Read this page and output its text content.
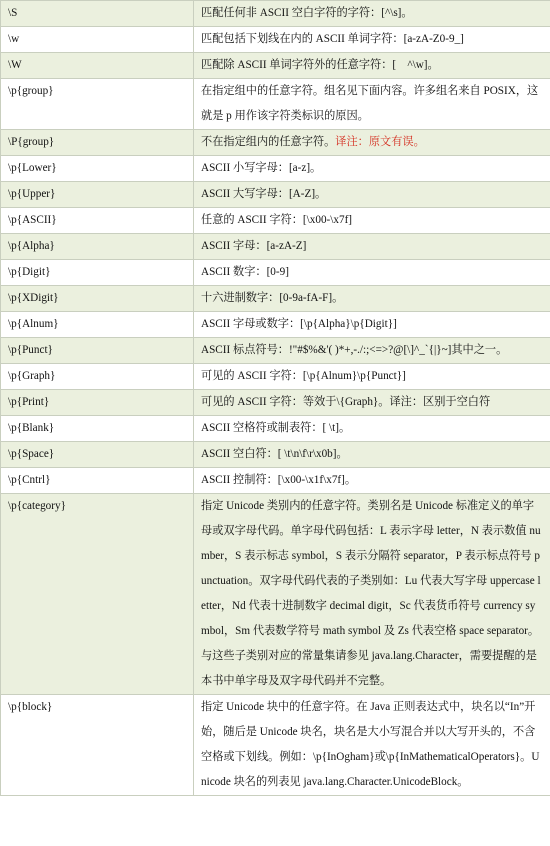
\S	匹配任何非 ASCII 空白字符的字符：[^\s]。
\w	匹配包括下划线在内的 ASCII 单词字符：[a-zA-Z0-9_]
\W	匹配除 ASCII 单词字符外的任意字符：[　^\w]。
\p{group}	在指定组中的任意字符。组名见下面内容。许多组名来自 POSIX，这就是 p 用作该字符类标识的原因。
\P{group}	不在指定组内的任意字符。译注：原文有误。
\p{Lower}	ASCII 小写字母：[a-z]。
\p{Upper}	ASCII 大写字母：[A-Z]。
\p{ASCII}	任意的 ASCII 字符：[\x00-\x7f]
\p{Alpha}	ASCII 字母：[a-zA-Z]
\p{Digit}	ASCII 数字：[0-9]
\p{XDigit}	十六进制数字：[0-9a-fA-F]。
\p{Alnum}	ASCII 字母或数字：[\p{Alpha}\p{Digit}]
\p{Punct}	ASCII 标点符号：!"#$%&'( )*+,-./:;<=>?@[\]^_`{|}~]其中之一。
\p{Graph}	可见的 ASCII 字符：[\p{Alnum}\p{Punct}]
\p{Print}	可见的 ASCII 字符：等效于\{Graph}。译注：区别于空白符
\p{Blank}	ASCII 空格符或制表符：[ \t]。
\p{Space}	ASCII 空白符：[ \t\n\f\r\x0b]。
\p{Cntrl}	ASCII 控制符：[\x00-\x1f\x7f]。
\p{category}	指定 Unicode 类别内的任意字符。类别名是 Unicode 标准定义的单字母或双字母代码。单字母代码包括：L 表示字母 letter，N 表示数值 number，S 表示标志 symbol，S 表示分隔符 separator，P 表示标点符号 punctuation。双字母代码代表的子类别如：Lu 代表大写字母 uppercase letter，Nd 代表十进制数字 decimal digit，Sc 代表货币符号 currency symbol，Sm 代表数学符号 math symbol 及 Zs 代表空格 space separator。与这些子类别对应的常量集请参见 java.lang.Character，需要提醒的是本书中单字母及双字母代码并不完整。
\p{block}	指定 Unicode 块中的任意字符。在 Java 正则表达式中，块名以“In”开始，随后是 Unicode 块名，块名是大小写混合并以大写开头的，不含空格或下划线。例如：\p{InOgham}或\p{InMathematicalOperators}。Unicode 块名的列表见 java.lang.Character.UnicodeBlock。
